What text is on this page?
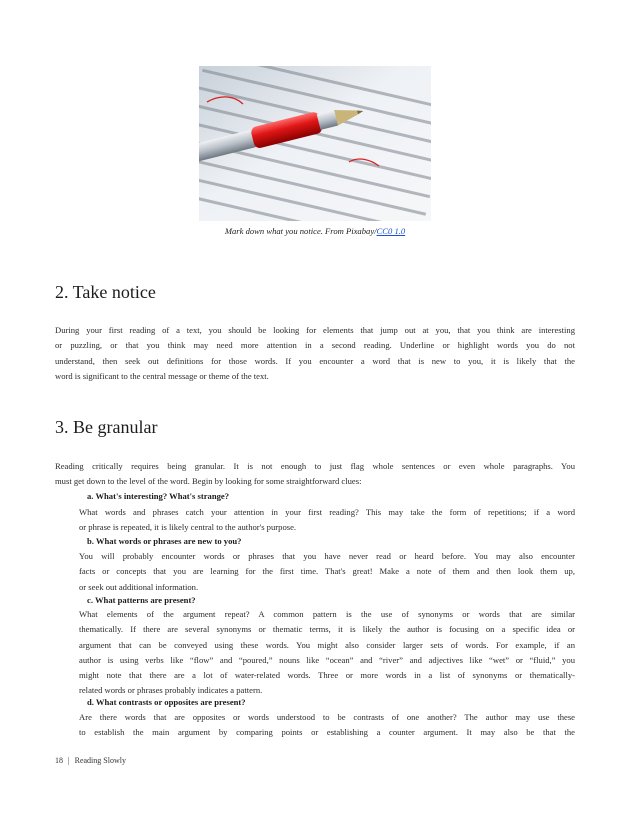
Mark down what you notice. From Pixabay/CC0 1.0
2. Take notice
During your first reading of a text, you should be looking for elements that jump out at you, that you think are interesting
or puzzling, or that you think may need more attention in a second reading. Underline or highlight words you do not
understand, then seek out definitions for those words. If you encounter a word that is new to you, it is likely that the
word is significant to the central message or theme of the text.
3. Be granular
Reading critically requires being granular. It is not enough to just flag whole sentences or even whole paragraphs. You
must get down to the level of the word. Begin by looking for some straightforward clues:
a. What's interesting? What's strange?
What words and phrases catch your attention in your first reading? This may take the form of repetitions; if a word
or phrase is repeated, it is likely central to the author's purpose.
b. What words or phrases are new to you?
You will probably encounter words or phrases that you have never read or heard before. You may also encounter
facts or concepts that you are learning for the first time. That's great! Make a note of them and then look them up,
or seek out additional information.
c. What patterns are present?
What elements of the argument repeat? A common pattern is the use of synonyms or words that are similar
thematically. If there are several synonyms or thematic terms, it is likely the author is focusing on a specific idea or
argument that can be conveyed using these words. You might also consider larger sets of words. For example, if an
author is using verbs like “flow” and “poured,” nouns like “ocean” and “river” and adjectives like “wet” or “fluid,” you
might note that there are a lot of water-related words. Three or more words in a list of synonyms or thematically-
related words or phrases probably indicates a pattern.
d. What contrasts or opposites are present?
Are there words that are opposites or words understood to be contrasts of one another? The author may use these
to establish the main argument by comparing points or establishing a counter argument. It may also be that the
18 | Reading Slowly
